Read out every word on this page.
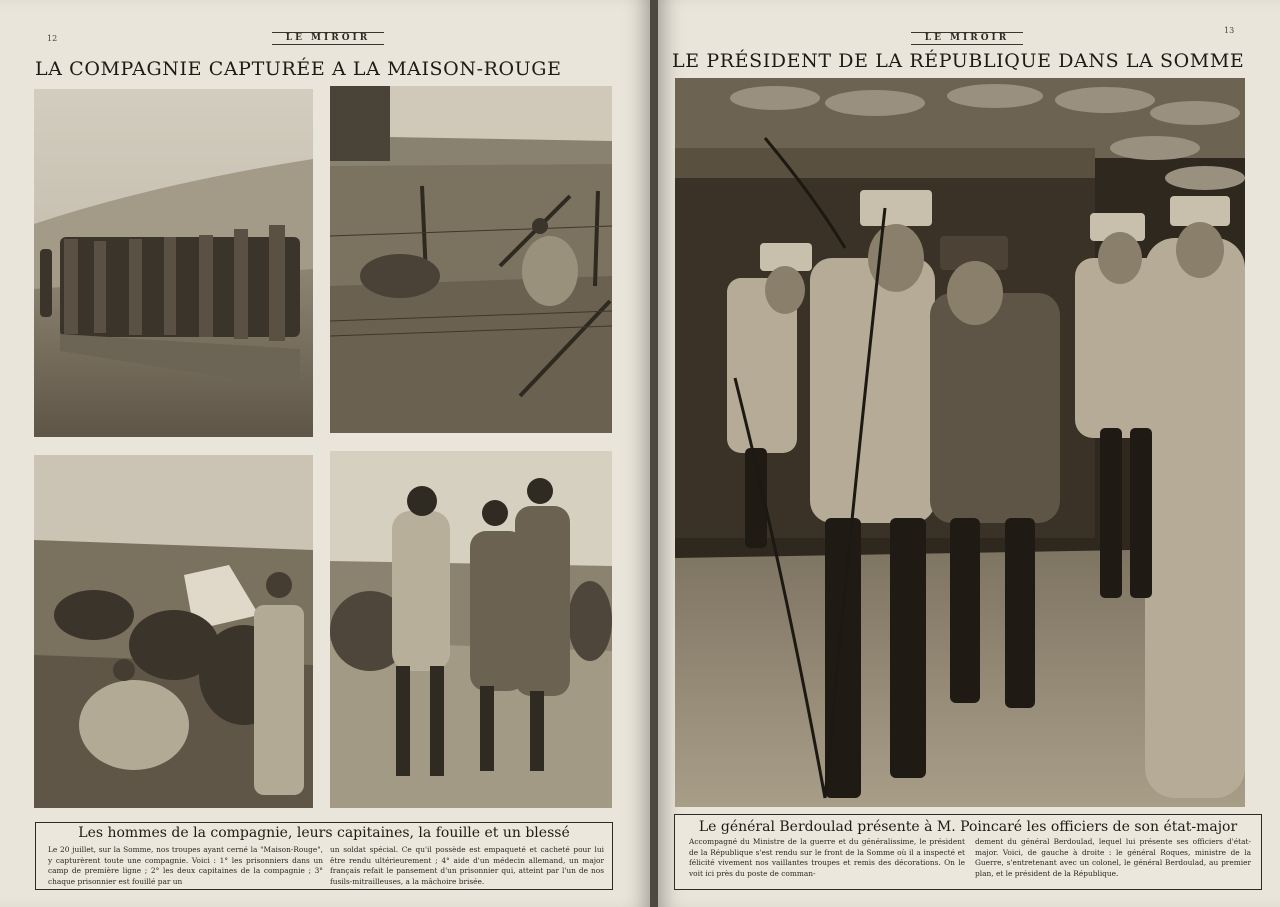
12	LE MIROIR
LA COMPAGNIE CAPTURÉE A LA MAISON-ROUGE
Les hommes de la compagnie, leurs capitaines, la fouille et un blessé
Le 20 juillet, sur la Somme, nos troupes ayant cerné la "Maison-Rouge", y capturèrent toute une compagnie. Voici : 1° les prisonniers dans un camp de première ligne ; 2° les deux capitaines de la compagnie ; 3° chaque prisonnier est fouillé par un
un soldat spécial. Ce qu'il possède est empaqueté et cacheté pour lui être rendu ultérieurement ; 4° aide d'un médecin allemand, un major français refait le pansement d'un prisonnier qui, atteint par l'un de nos fusils-mitrailleuses, a la mâchoire brisée.
LE MIROIR
13
LE PRÉSIDENT DE LA RÉPUBLIQUE DANS LA SOMME
Le général Berdoulad présente à M. Poincaré les officiers de son état-major
Accompagné du Ministre de la guerre et du généralissime, le président de la République s'est rendu sur le front de la Somme où il a inspecté et félicité vivement nos vaillantes troupes et remis des décorations. On le voit ici près du poste de comman-
dement du général Berdoulad, lequel lui présente ses officiers d'état-major. Voici, de gauche à droite : le général Roques, ministre de la Guerre, s'entretenant avec un colonel, le général Berdoulad, au premier plan, et le président de la République.
